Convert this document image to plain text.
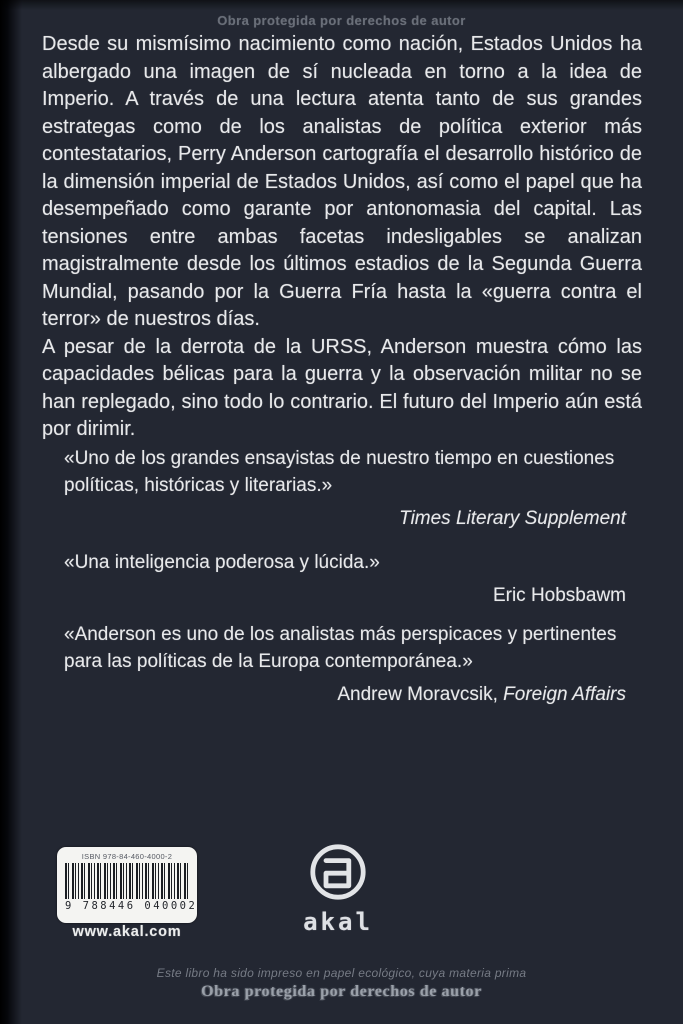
Obra protegida por derechos de autor

Desde su mismísimo nacimiento como nación, Estados Unidos ha albergado una imagen de sí nucleada en torno a la idea de Imperio. A través de una lectura atenta tanto de sus grandes estrategas como de los analistas de política exterior más contestatarios, Perry Anderson cartografía el desarrollo histórico de la dimensión imperial de Estados Unidos, así como el papel que ha desempeñado como garante por antonomasia del capital. Las tensiones entre ambas facetas indesligables se analizan magistralmente desde los últimos estadios de la Segunda Guerra Mundial, pasando por la Guerra Fría hasta la «guerra contra el terror» de nuestros días.

A pesar de la derrota de la URSS, Anderson muestra cómo las capacidades bélicas para la guerra y la observación militar no se han replegado, sino todo lo contrario. El futuro del Imperio aún está por dirimir.

«Uno de los grandes ensayistas de nuestro tiempo en cuestiones políticas, históricas y literarias.»

Times Literary Supplement

«Una inteligencia poderosa y lúcida.»

Eric Hobsbawm

«Anderson es uno de los analistas más perspicaces y pertinentes para las políticas de la Europa contemporánea.»

Andrew Moravcsik, Foreign Affairs
ISBN 978-84-460-4000-2
9 788446 040002
www.akal.com	akal
Este libro ha sido impreso en papel ecológico, cuya materia prima
Obra protegida por derechos de autor
